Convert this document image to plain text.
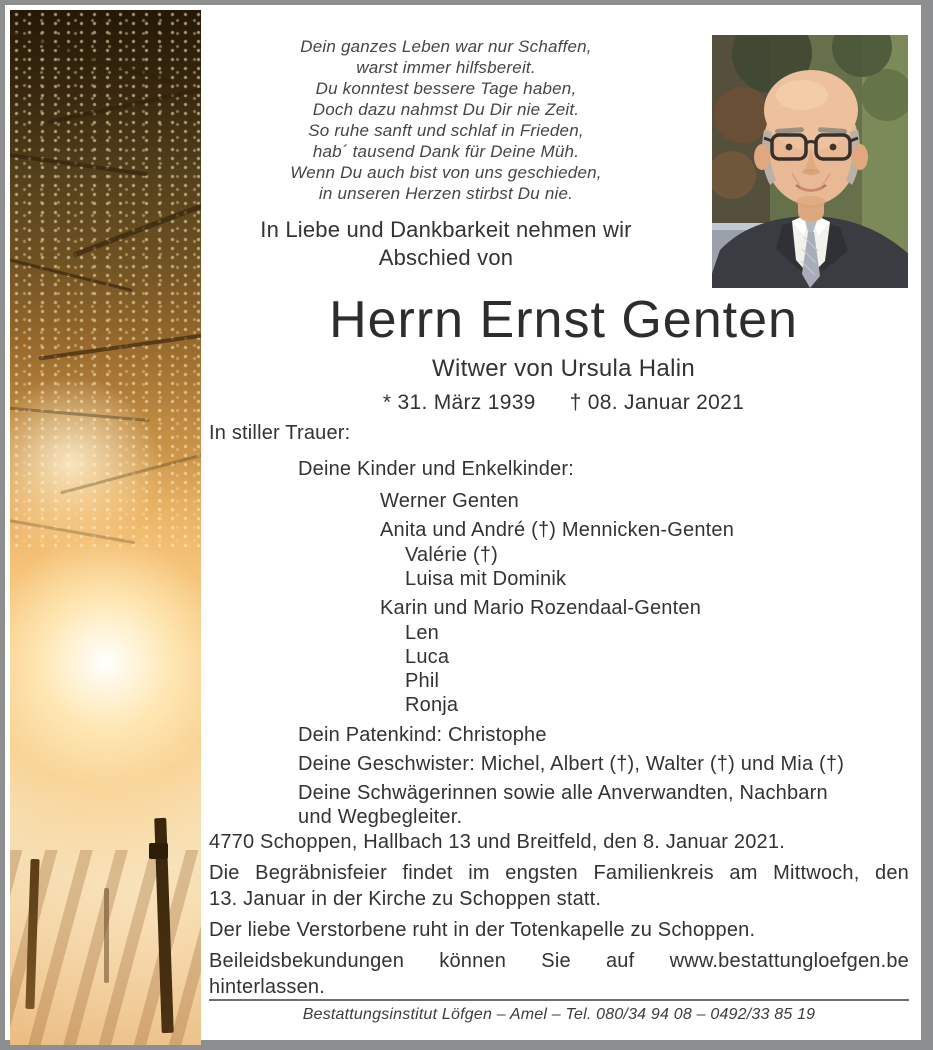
Dein ganzes Leben war nur Schaffen,
warst immer hilfsbereit.
Du konntest bessere Tage haben,
Doch dazu nahmst Du Dir nie Zeit.
So ruhe sanft und schlaf in Frieden,
hab´ tausend Dank für Deine Müh.
Wenn Du auch bist von uns geschieden,
in unseren Herzen stirbst Du nie.
In Liebe und Dankbarkeit nehmen wir
Abschied von
Herrn Ernst Genten
Witwer von Ursula Halin
* 31. März 1939 † 08. Januar 2021
In stiller Trauer:
Deine Kinder und Enkelkinder:
Werner Genten
Anita und André (†) Mennicken-Genten
Valérie (†)
Luisa mit Dominik
Karin und Mario Rozendaal-Genten
Len
Luca
Phil
Ronja
Dein Patenkind: Christophe
Deine Geschwister: Michel, Albert (†), Walter (†) und Mia (†)
Deine Schwägerinnen sowie alle Anverwandten, Nachbarn
und Wegbegleiter.
4770 Schoppen, Hallbach 13 und Breitfeld, den 8. Januar 2021.
Die Begräbnisfeier findet im engsten Familienkreis am Mittwoch, den
13. Januar in der Kirche zu Schoppen statt.
Der liebe Verstorbene ruht in der Totenkapelle zu Schoppen.
Beileidsbekundungen können Sie auf www.bestattungloefgen.be
hinterlassen.
Bestattungsinstitut Löfgen – Amel – Tel. 080/34 94 08 – 0492/33 85 19
